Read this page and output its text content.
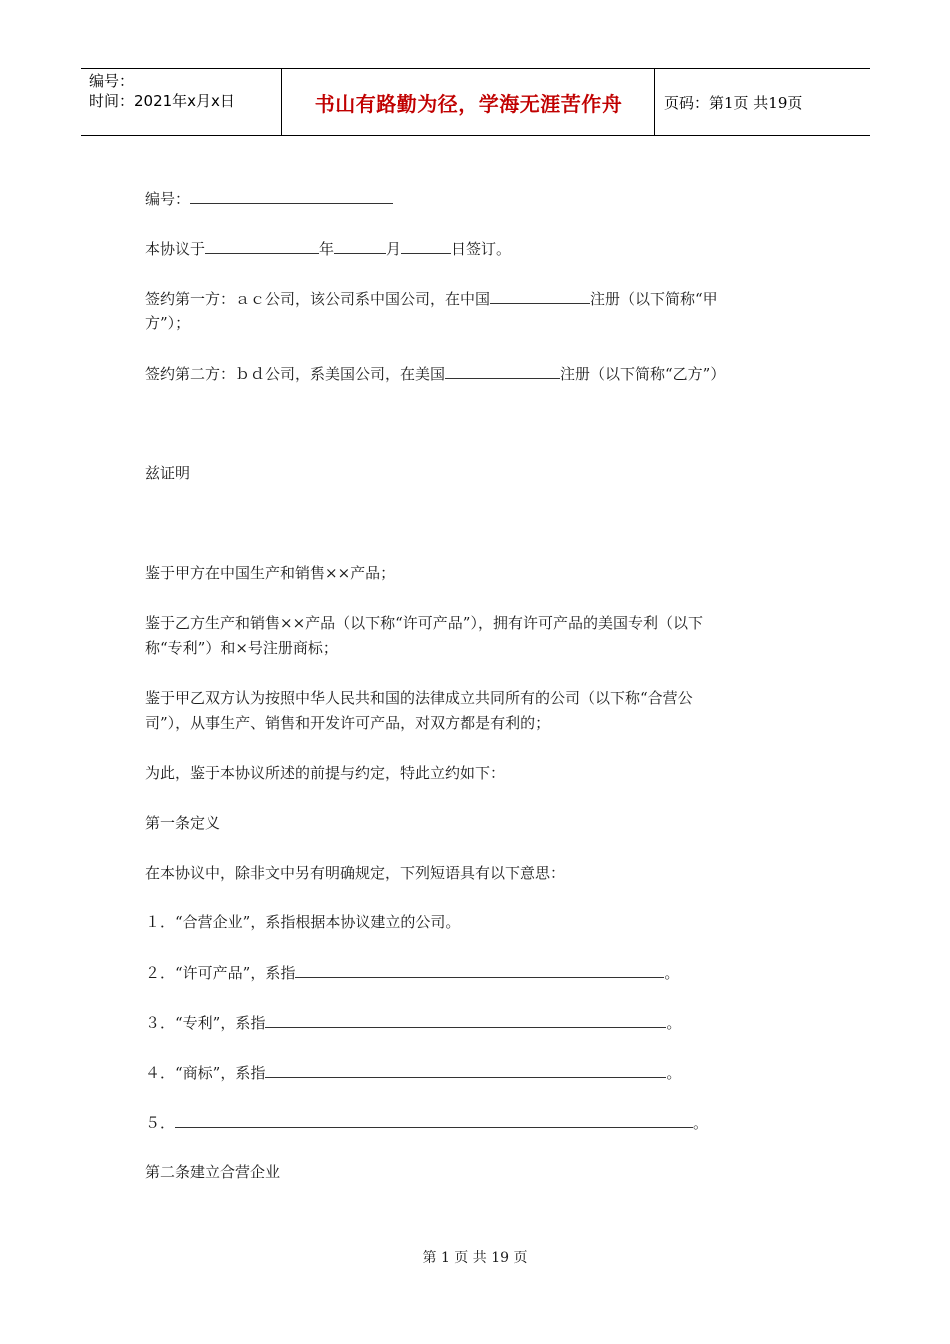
编号：
时间：2021年x月x日	书山有路勤为径，学海无涯苦作舟	页码：第1页 共19页
编号：
本协议于	年	月	日签订。
签约第一方：ａｃ公司，该公司系中国公司，在中国	注册（以下简称“甲
方”）；
签约第二方：ｂｄ公司，系美国公司，在美国	注册（以下简称“乙方”）
兹证明
鉴于甲方在中国生产和销售××产品；
鉴于乙方生产和销售××产品（以下称“许可产品”），拥有许可产品的美国专利（以下
称“专利”）和×号注册商标；
鉴于甲乙双方认为按照中华人民共和国的法律成立共同所有的公司（以下称“合营公
司”），从事生产、销售和开发许可产品，对双方都是有利的；
为此，鉴于本协议所述的前提与约定，特此立约如下：
第一条定义
在本协议中，除非文中另有明确规定，下列短语具有以下意思：
１．“合营企业”，系指根据本协议建立的公司。
２．“许可产品”，系指	。
３．“专利”，系指	。
４．“商标”，系指	。
５．	。
第二条建立合营企业
第 1 页 共 19 页
